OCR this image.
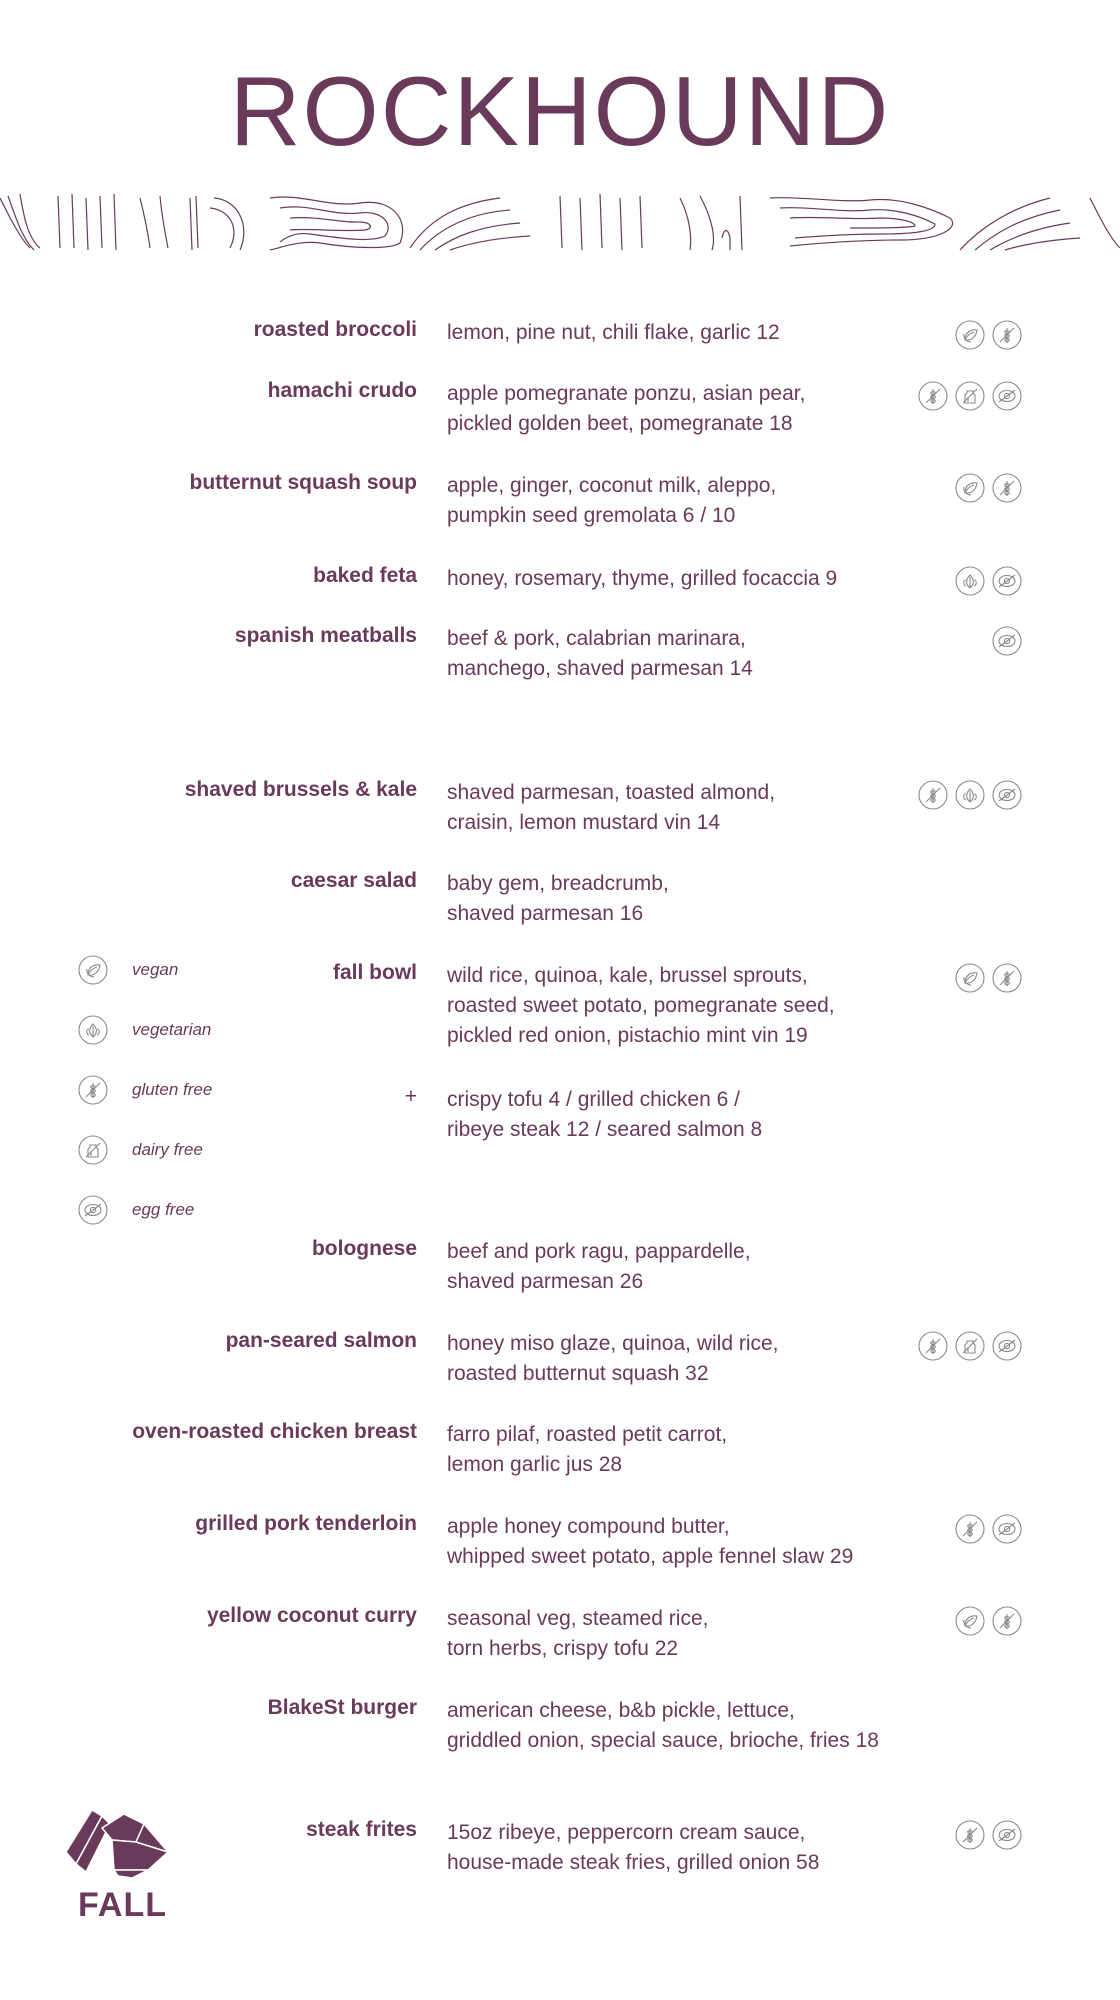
ROCKHOUND
roasted broccoli lemon, pine nut, chili flake, garlic 12
hamachi crudo apple pomegranate ponzu, asian pear,
pickled golden beet, pomegranate 18
butternut squash soup apple, ginger, coconut milk, aleppo,
pumpkin seed gremolata 6 / 10
baked feta honey, rosemary, thyme, grilled focaccia 9
spanish meatballs beef & pork, calabrian marinara,
manchego, shaved parmesan 14
shaved brussels & kale shaved parmesan, toasted almond,
craisin, lemon mustard vin 14
caesar salad baby gem, breadcrumb,
shaved parmesan 16
fall bowl wild rice, quinoa, kale, brussel sprouts,
roasted sweet potato, pomegranate seed,
pickled red onion, pistachio mint vin 19
+ crispy tofu 4 / grilled chicken 6 /
ribeye steak 12 / seared salmon 8
bolognese beef and pork ragu, pappardelle,
shaved parmesan 26
pan-seared salmon honey miso glaze, quinoa, wild rice,
roasted butternut squash 32
oven-roasted chicken breast farro pilaf, roasted petit carrot,
lemon garlic jus 28
grilled pork tenderloin apple honey compound butter,
whipped sweet potato, apple fennel slaw 29
yellow coconut curry seasonal veg, steamed rice,
torn herbs, crispy tofu 22
BlakeSt burger american cheese, b&b pickle, lettuce,
griddled onion, special sauce, brioche, fries 18
steak frites 15oz ribeye, peppercorn cream sauce,
house-made steak fries, grilled onion 58
vegan
vegetarian
gluten free
dairy free
egg free
FALL
